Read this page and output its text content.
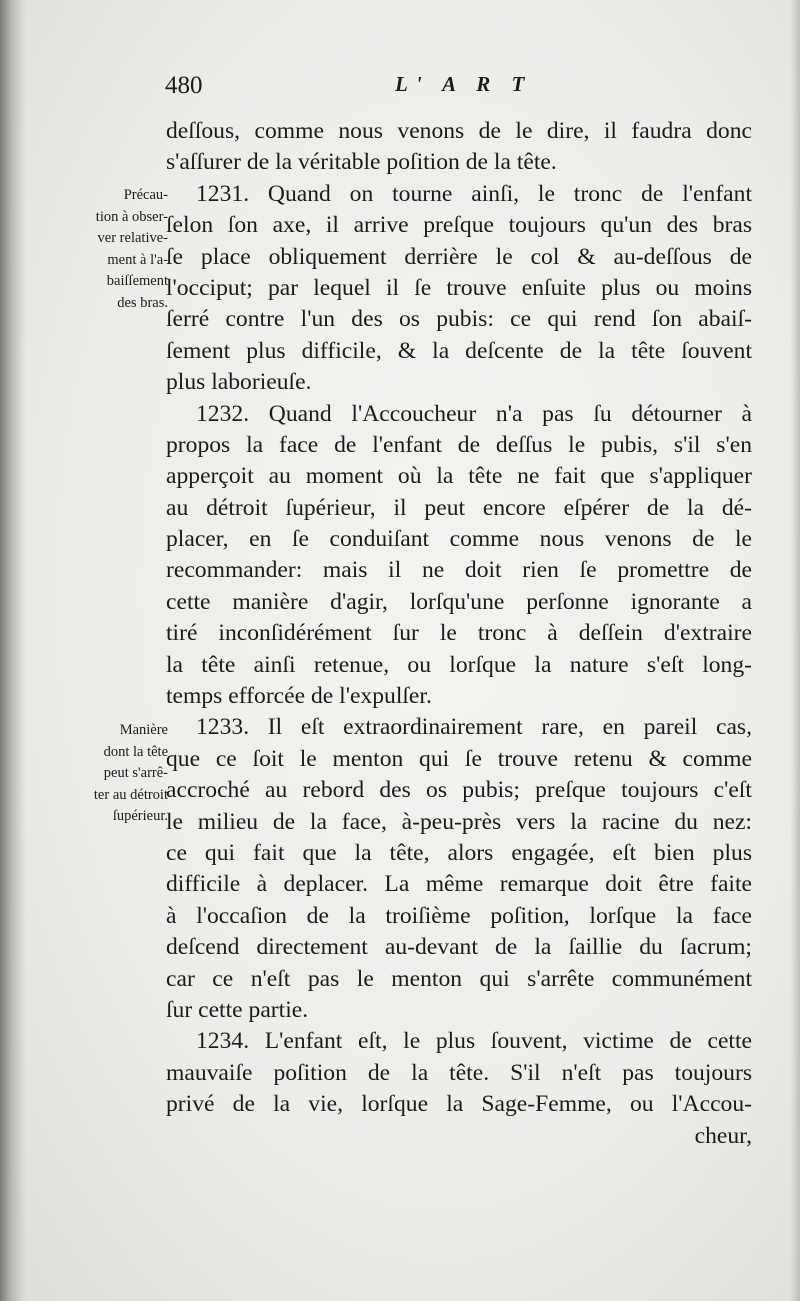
480	L' A R T
Précau-
tion à obser-
ver relative-
ment à l'a-
baiſſement
des bras.
Manière
dont la tête
peut s'arrê-
ter au détroit
ſupérieur.
deſſous, comme nous venons de le dire, il faudra donc
s'aſſurer de la véritable poſition de la tête.
1231. Quand on tourne ainſi, le tronc de l'enfant
ſelon ſon axe, il arrive preſque toujours qu'un des bras
ſe place obliquement derrière le col & au-deſſous de
l'occiput; par lequel il ſe trouve enſuite plus ou moins
ſerré contre l'un des os pubis: ce qui rend ſon abaiſ-
ſement plus difficile, & la deſcente de la tête ſouvent
plus laborieuſe.
1232. Quand l'Accoucheur n'a pas ſu détourner à
propos la face de l'enfant de deſſus le pubis, s'il s'en
apperçoit au moment où la tête ne fait que s'appliquer
au détroit ſupérieur, il peut encore eſpérer de la dé-
placer, en ſe conduiſant comme nous venons de le
recommander: mais il ne doit rien ſe promettre de
cette manière d'agir, lorſqu'une perſonne ignorante a
tiré inconſidérément ſur le tronc à deſſein d'extraire
la tête ainſi retenue, ou lorſque la nature s'eſt long-
temps efforcée de l'expulſer.
1233. Il eſt extraordinairement rare, en pareil cas,
que ce ſoit le menton qui ſe trouve retenu & comme
accroché au rebord des os pubis; preſque toujours c'eſt
le milieu de la face, à-peu-près vers la racine du nez:
ce qui fait que la tête, alors engagée, eſt bien plus
difficile à deplacer. La même remarque doit être faite
à l'occaſion de la troiſième poſition, lorſque la face
deſcend directement au-devant de la ſaillie du ſacrum;
car ce n'eſt pas le menton qui s'arrête communément
ſur cette partie.
1234. L'enfant eſt, le plus ſouvent, victime de cette
mauvaiſe poſition de la tête. S'il n'eſt pas toujours
privé de la vie, lorſque la Sage-Femme, ou l'Accou-
cheur,
